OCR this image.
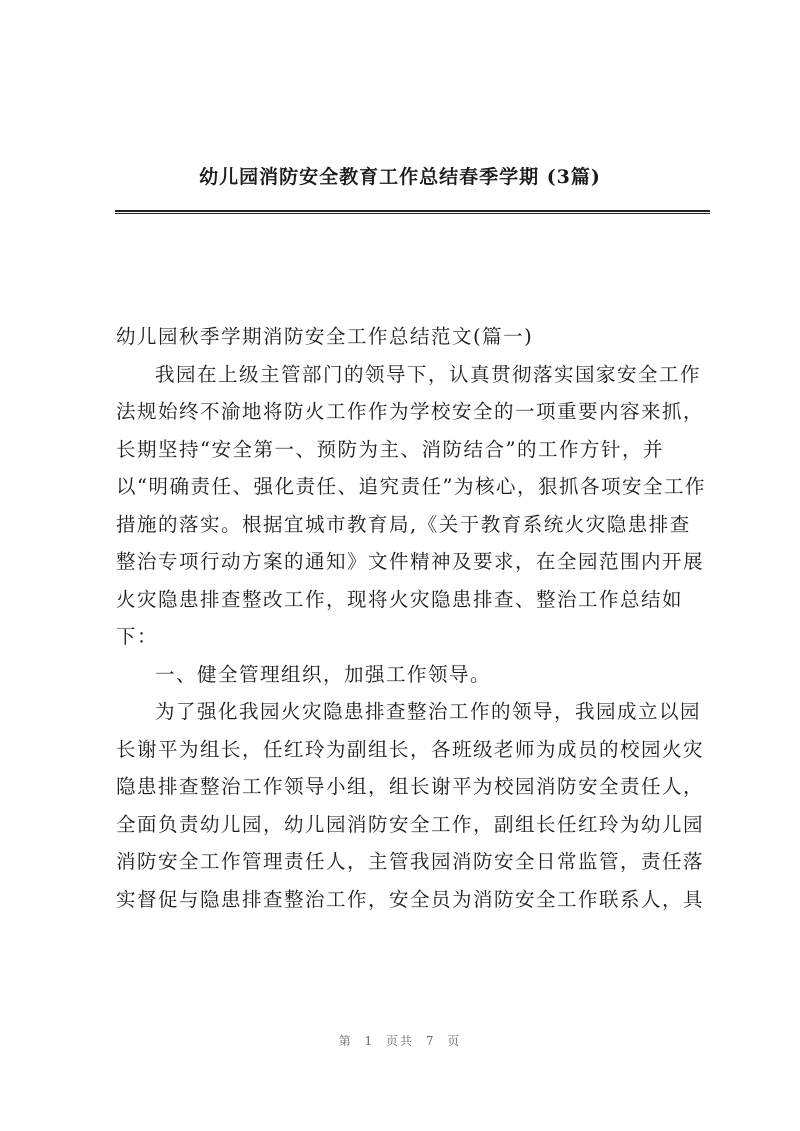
幼儿园消防安全教育工作总结春季学期 (3篇)

幼儿园秋季学期消防安全工作总结范文(篇一)

我园在上级主管部门的领导下，认真贯彻落实国家安全工作法规始终不渝地将防火工作作为学校安全的一项重要内容来抓，长期坚持“安全第一、预防为主、消防结合”的工作方针，并以“明确责任、强化责任、追究责任”为核心，狠抓各项安全工作措施的落实。根据宜城市教育局,《关于教育系统火灾隐患排查整治专项行动方案的通知》文件精神及要求，在全园范围内开展火灾隐患排查整改工作，现将火灾隐患排查、整治工作总结如下：

一、健全管理组织，加强工作领导。

为了强化我园火灾隐患排查整治工作的领导，我园成立以园长谢平为组长，任红玲为副组长，各班级老师为成员的校园火灾隐患排查整治工作领导小组，组长谢平为校园消防安全责任人，全面负责幼儿园，幼儿园消防安全工作，副组长任红玲为幼儿园消防安全工作管理责任人，主管我园消防安全日常监管，责任落实督促与隐患排查整治工作，安全员为消防安全工作联系人，具

第 1 页共 7 页
